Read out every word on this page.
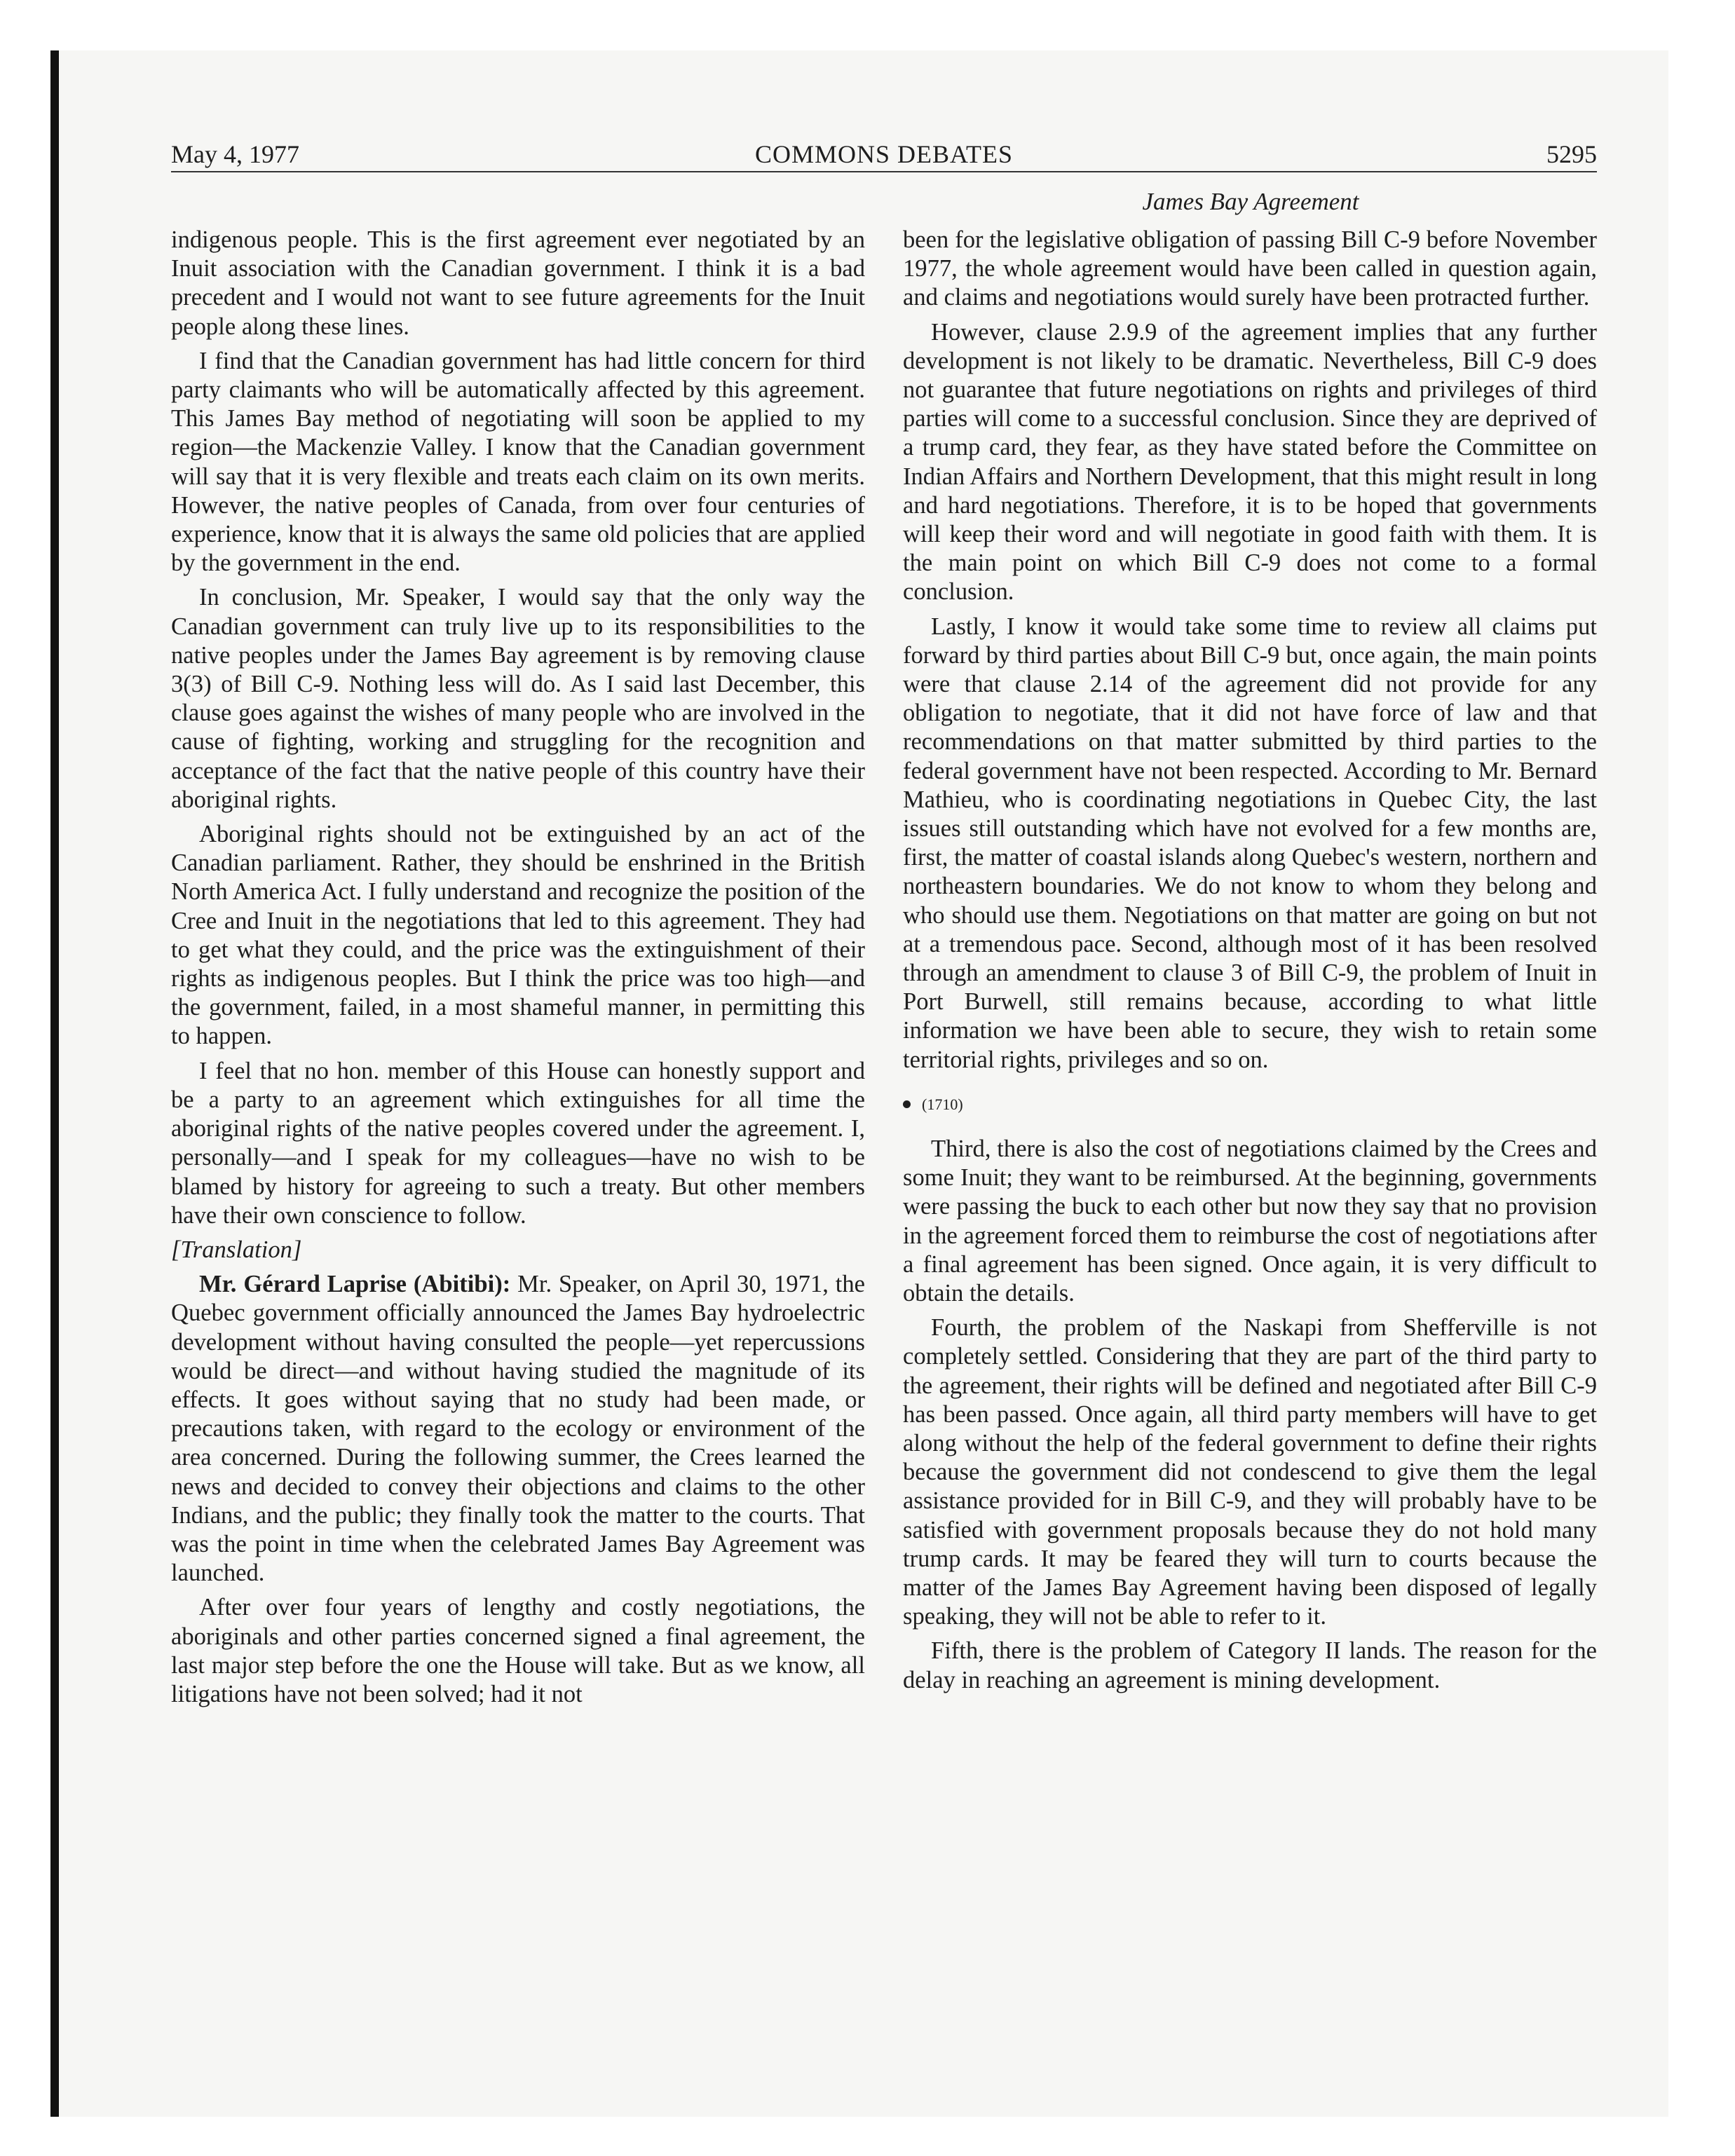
May 4, 1977	COMMONS DEBATES	5295
James Bay Agreement

indigenous people. This is the first agreement ever negotiated by an Inuit association with the Canadian government. I think it is a bad precedent and I would not want to see future agreements for the Inuit people along these lines.

I find that the Canadian government has had little concern for third party claimants who will be automatically affected by this agreement. This James Bay method of negotiating will soon be applied to my region—the Mackenzie Valley. I know that the Canadian government will say that it is very flexible and treats each claim on its own merits. However, the native peoples of Canada, from over four centuries of experience, know that it is always the same old policies that are applied by the government in the end.

In conclusion, Mr. Speaker, I would say that the only way the Canadian government can truly live up to its responsibilities to the native peoples under the James Bay agreement is by removing clause 3(3) of Bill C-9. Nothing less will do. As I said last December, this clause goes against the wishes of many people who are involved in the cause of fighting, working and struggling for the recognition and acceptance of the fact that the native people of this country have their aboriginal rights.

Aboriginal rights should not be extinguished by an act of the Canadian parliament. Rather, they should be enshrined in the British North America Act. I fully understand and recognize the position of the Cree and Inuit in the negotiations that led to this agreement. They had to get what they could, and the price was the extinguishment of their rights as indigenous peoples. But I think the price was too high—and the government, failed, in a most shameful manner, in permitting this to happen.

I feel that no hon. member of this House can honestly support and be a party to an agreement which extinguishes for all time the aboriginal rights of the native peoples covered under the agreement. I, personally—and I speak for my colleagues—have no wish to be blamed by history for agreeing to such a treaty. But other members have their own conscience to follow.

[Translation]

Mr. Gérard Laprise (Abitibi): Mr. Speaker, on April 30, 1971, the Quebec government officially announced the James Bay hydroelectric development without having consulted the people—yet repercussions would be direct—and without having studied the magnitude of its effects. It goes without saying that no study had been made, or precautions taken, with regard to the ecology or environment of the area concerned. During the following summer, the Crees learned the news and decided to convey their objections and claims to the other Indians, and the public; they finally took the matter to the courts. That was the point in time when the celebrated James Bay Agreement was launched.

After over four years of lengthy and costly negotiations, the aboriginals and other parties concerned signed a final agreement, the last major step before the one the House will take. But as we know, all litigations have not been solved; had it not

been for the legislative obligation of passing Bill C-9 before November 1977, the whole agreement would have been called in question again, and claims and negotiations would surely have been protracted further.

However, clause 2.9.9 of the agreement implies that any further development is not likely to be dramatic. Nevertheless, Bill C-9 does not guarantee that future negotiations on rights and privileges of third parties will come to a successful conclusion. Since they are deprived of a trump card, they fear, as they have stated before the Committee on Indian Affairs and Northern Development, that this might result in long and hard negotiations. Therefore, it is to be hoped that governments will keep their word and will negotiate in good faith with them. It is the main point on which Bill C-9 does not come to a formal conclusion.

Lastly, I know it would take some time to review all claims put forward by third parties about Bill C-9 but, once again, the main points were that clause 2.14 of the agreement did not provide for any obligation to negotiate, that it did not have force of law and that recommendations on that matter submitted by third parties to the federal government have not been respected. According to Mr. Bernard Mathieu, who is coordinating negotiations in Quebec City, the last issues still outstanding which have not evolved for a few months are, first, the matter of coastal islands along Quebec's western, northern and northeastern boundaries. We do not know to whom they belong and who should use them. Negotiations on that matter are going on but not at a tremendous pace. Second, although most of it has been resolved through an amendment to clause 3 of Bill C-9, the problem of Inuit in Port Burwell, still remains because, according to what little information we have been able to secure, they wish to retain some territorial rights, privileges and so on.

(1710)

Third, there is also the cost of negotiations claimed by the Crees and some Inuit; they want to be reimbursed. At the beginning, governments were passing the buck to each other but now they say that no provision in the agreement forced them to reimburse the cost of negotiations after a final agreement has been signed. Once again, it is very difficult to obtain the details.

Fourth, the problem of the Naskapi from Shefferville is not completely settled. Considering that they are part of the third party to the agreement, their rights will be defined and negotiated after Bill C-9 has been passed. Once again, all third party members will have to get along without the help of the federal government to define their rights because the government did not condescend to give them the legal assistance provided for in Bill C-9, and they will probably have to be satisfied with government proposals because they do not hold many trump cards. It may be feared they will turn to courts because the matter of the James Bay Agreement having been disposed of legally speaking, they will not be able to refer to it.

Fifth, there is the problem of Category II lands. The reason for the delay in reaching an agreement is mining development.
